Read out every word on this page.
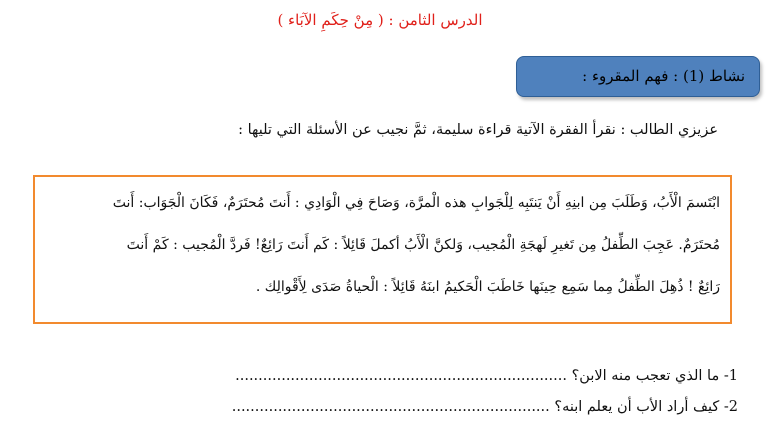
الدرس الثامن : ( مِنْ حِكَمِ الآبَاء )
نشاط (1) : فهم المقروء :
عزيزي الطالب : نقرأ الفقرة الآتية قراءة سليمة، ثمَّ نجيب عن الأسئلة التي تليها :
ابْتَسمَ الْأَبُ، وَطَلَبَ مِن ابنِهِ أَنْ يَنتَبِه لِلْجَوابِ هذه الْمرَّة، وَصَاحَ فِي الْوَادِي : أَنتَ مُحتَرَمٌ، فَكَانَ الْجَوَاب: أَنتَ
مُحتَرَمٌ. عَجِبَ الطِّفلُ مِن تَغيرِ لَهجَةِ الْمُجيب، وَلكنَّ الْأَبُ أكملَ قَائِلاً : كَم أَنتَ رَائِعٌ! فَردَّ الْمُجيب : كَمْ أَنتَ
رَائِعٌ ! ذُهِلَ الطِّفلُ مِما سَمِع حِينَها خَاطَبَ الْحَكيمُ ابنَهُ قَائِلاً : الْحياةُ صَدَى لِأَقْوالِك .
1- ما الذي تعجب منه الابن؟ ........................................................................
2- كيف أراد الأب أن يعلم ابنه؟ .....................................................................
